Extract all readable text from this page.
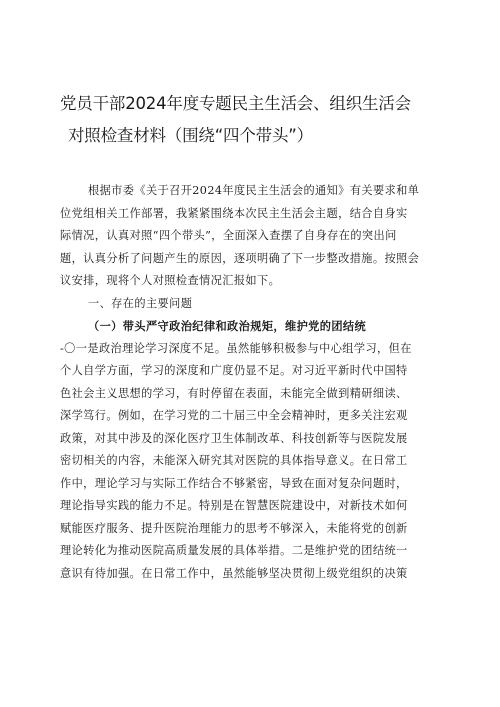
党员干部2024年度专题民主生活会、组织生活会
对照检查材料（围绕“四个带头”）
根据市委《关于召开2024年度民主生活会的通知》有关要求和单
位党组相关工作部署，我紧紧围绕本次民主生活会主题，结合自身实
际情况，认真对照“四个带头”，全面深入查摆了自身存在的突出问
题，认真分析了问题产生的原因，逐项明确了下一步整改措施。按照会
议安排，现将个人对照检查情况汇报如下。
一、存在的主要问题
（一）带头严守政治纪律和政治规矩，维护党的团结统
-〇一是政治理论学习深度不足。虽然能够积极参与中心组学习，但在
个人自学方面，学习的深度和广度仍显不足。对习近平新时代中国特
色社会主义思想的学习，有时停留在表面，未能完全做到精研细读、
深学笃行。例如，在学习党的二十届三中全会精神时，更多关注宏观
政策，对其中涉及的深化医疗卫生体制改革、科技创新等与医院发展
密切相关的内容，未能深入研究其对医院的具体指导意义。在日常工
作中，理论学习与实际工作结合不够紧密，导致在面对复杂问题时，
理论指导实践的能力不足。特别是在智慧医院建设中，对新技术如何
赋能医疗服务、提升医院治理能力的思考不够深入，未能将党的创新
理论转化为推动医院高质量发展的具体举措。二是维护党的团结统一
意识有待加强。在日常工作中，虽然能够坚决贯彻上级党组织的决策
